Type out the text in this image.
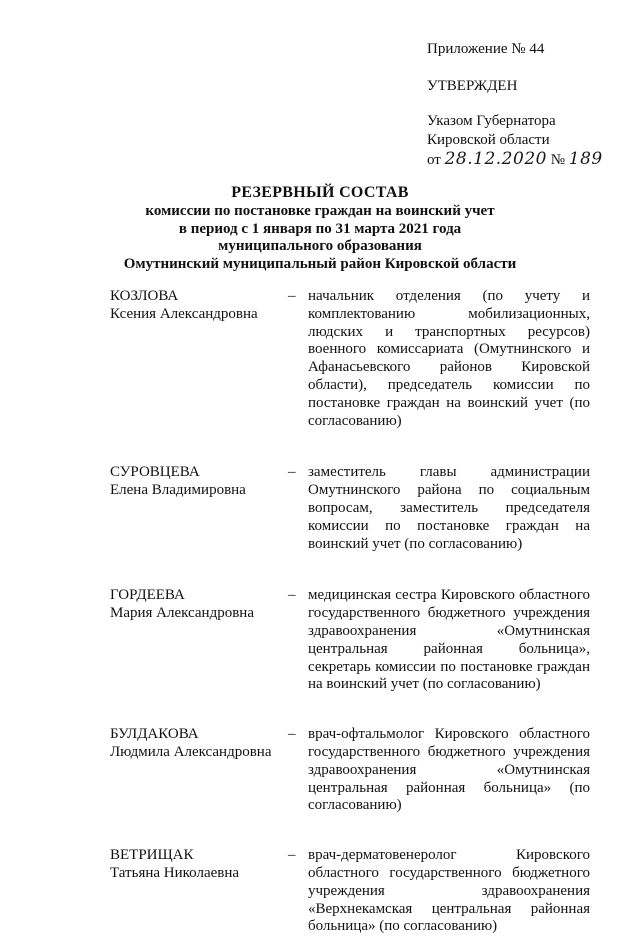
Приложение № 44
УТВЕРЖДЕН
Указом Губернатора
Кировской области
от 28.12.2020 № 189
РЕЗЕРВНЫЙ СОСТАВ
комиссии по постановке граждан на воинский учет
в период с 1 января по 31 марта 2021 года
муниципального образования
Омутнинский муниципальный район Кировской области
КОЗЛОВА
Ксения Александровна
– начальник отделения (по учету и комплектованию мобилизационных, людских и транспортных ресурсов) военного комиссариата (Омутнинского и Афанасьевского районов Кировской области), председатель комиссии по постановке граждан на воинский учет (по согласованию)
СУРОВЦЕВА
Елена Владимировна
– заместитель главы администрации Омутнинского района по социальным вопросам, заместитель председателя комиссии по постановке граждан на воинский учет (по согласованию)
ГОРДЕЕВА
Мария Александровна
– медицинская сестра Кировского областного государственного бюджетного учреждения здравоохранения «Омутнинская центральная районная больница», секретарь комиссии по постановке граждан на воинский учет (по согласованию)
БУЛДАКОВА
Людмила Александровна
– врач-офтальмолог Кировского областного государственного бюджетного учреждения здравоохранения «Омутнинская центральная районная больница» (по согласованию)
ВЕТРИЩАК
Татьяна Николаевна
– врач-дерматовенеролог Кировского областного государственного бюджетного учреждения здравоохранения «Верхнекамская центральная районная больница» (по согласованию)
